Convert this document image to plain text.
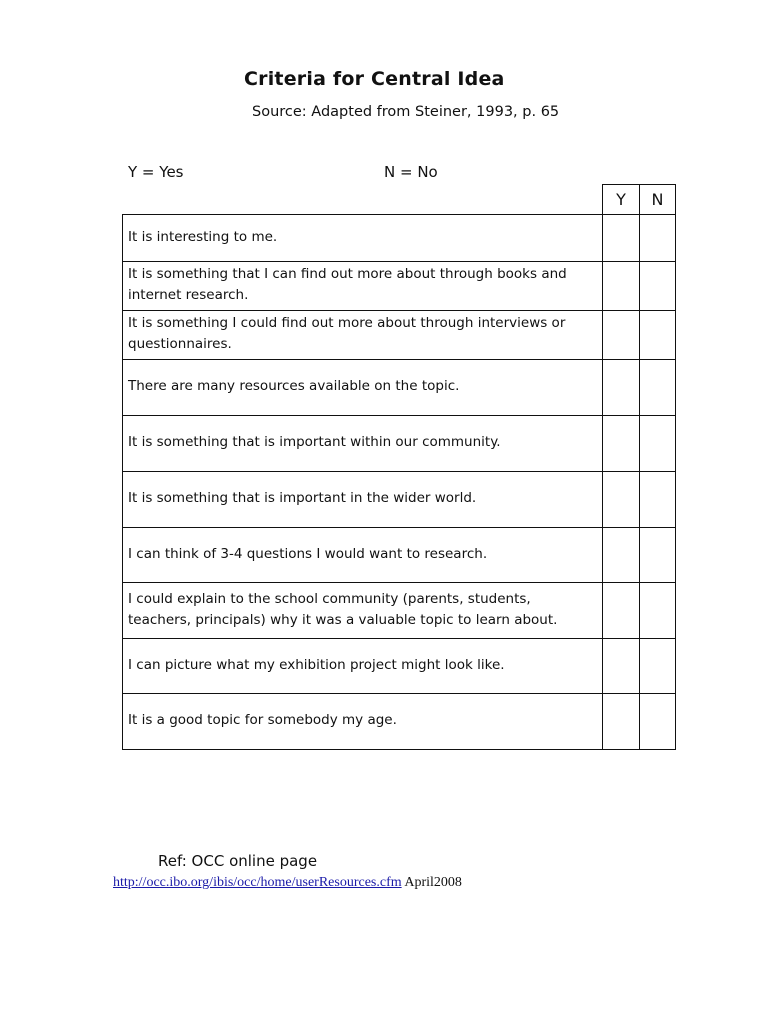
Criteria for Central Idea
Source: Adapted from Steiner, 1993, p. 65
Y = Yes	N = No
	Y	N
It is interesting to me.		
It is something that I can find out more about through books and internet research.		
It is something I could find out more about through interviews or questionnaires.		
There are many resources available on the topic.		
It is something that is important within our community.		
It is something that is important in the wider world.		
I can think of 3-4 questions I would want to research.		
I could explain to the school community (parents, students, teachers, principals) why it was a valuable topic to learn about.		
I can picture what my exhibition project might look like.		
It is a good topic for somebody my age.		
Ref: OCC online page
http://occ.ibo.org/ibis/occ/home/userResources.cfm April2008
